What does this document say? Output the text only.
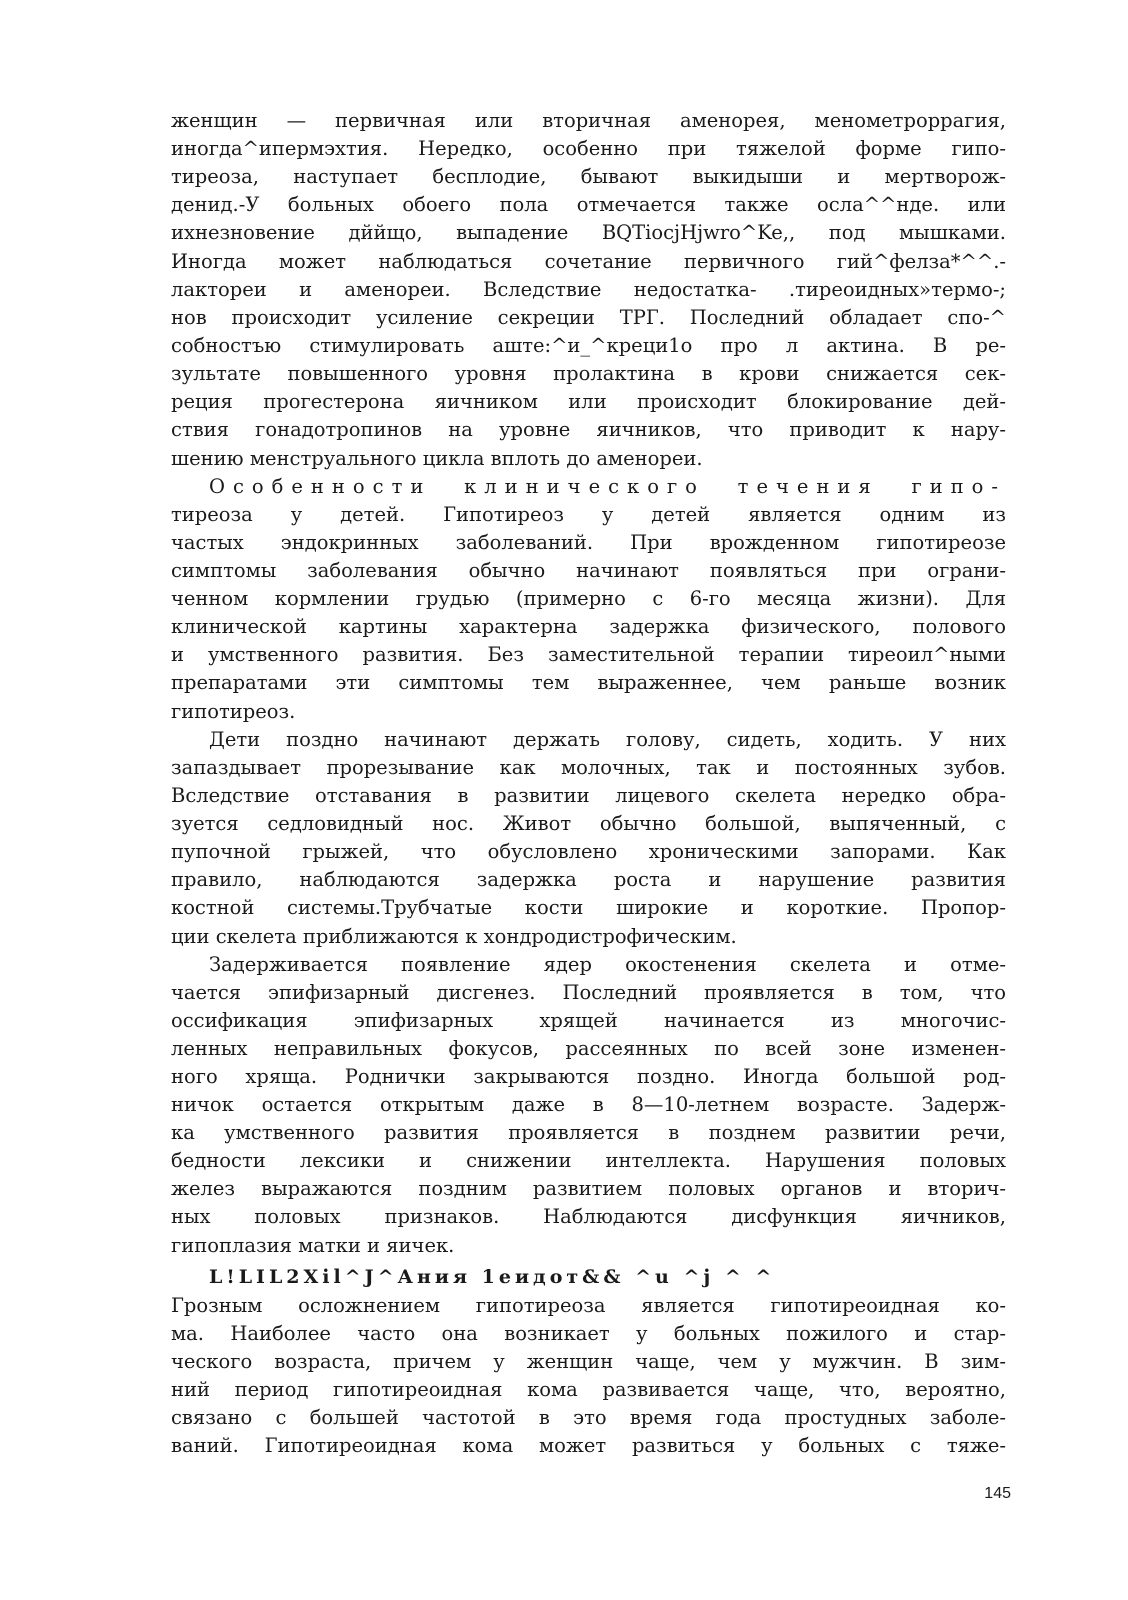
женщин — первичная или вторичная аменорея, менометроррагия,
иногда^ипермэхтия. Нередко, особенно при тяжелой форме гипо-
тиреоза, наступает бесплодие, бывают выкидыши и мертворож-
денид.-У больных обоего пола отмечается также осла^^нде. или
ихнезновение дййщо, выпадение BQTiocjHjwro^Ke,, под мышками.
Иногда может наблюдаться сочетание первичного гий^фелза*^^.-
лактореи и аменореи. Вследствие недостатка- .тиреоидных»термо-;
нов происходит усиление секреции ТРГ. Последний обладает спо-^
собностъю стимулировать аште:^и_^креци1о про л актина. В ре-
зультате повышенного уровня пролактина в крови снижается сек-
реция прогестерона яичником или происходит блокирование дей-
ствия гонадотропинов на уровне яичников, что приводит к нару-
шению менструального цикла вплоть до аменореи.
Особенности клинического течения гипо-
тиреоза у детей. Гипотиреоз у детей является одним из
частых эндокринных заболеваний. При врожденном гипотиреозе
симптомы заболевания обычно начинают появляться при ограни-
ченном кормлении грудью (примерно с 6-го месяца жизни). Для
клинической картины характерна задержка физического, полового
и умственного развития. Без заместительной терапии тиреоил^ными
препаратами эти симптомы тем выраженнее, чем раньше возник
гипотиреоз.
Дети поздно начинают держать голову, сидеть, ходить. У них
запаздывает прорезывание как молочных, так и постоянных зубов.
Вследствие отставания в развитии лицевого скелета нередко обра-
зуется седловидный нос. Живот обычно большой, выпяченный, с
пупочной грыжей, что обусловлено хроническими запорами. Как
правило, наблюдаются задержка роста и нарушение развития
костной системы.Трубчатые кости широкие и короткие. Пропор-
ции скелета приближаются к хондродистрофическим.
Задерживается появление ядер окостенения скелета и отме-
чается эпифизарный дисгенез. Последний проявляется в том, что
оссификация эпифизарных хрящей начинается из многочис-
ленных неправильных фокусов, рассеянных по всей зоне изменен-
ного хряща. Роднички закрываются поздно. Иногда большой род-
ничок остается открытым даже в 8—10-летнем возрасте. Задерж-
ка умственного развития проявляется в позднем развитии речи,
бедности лексики и снижении интеллекта. Нарушения половых
желез выражаются поздним развитием половых органов и вторич-
ных половых признаков. Наблюдаются дисфункция яичников,
гипоплазия матки и яичек.
L!LIL2Xil^J^Ания 1еидот&& ^u ^j ^ ^
Грозным осложнением гипотиреоза является гипотиреоидная ко-
ма. Наиболее часто она возникает у больных пожилого и стар-
ческого возраста, причем у женщин чаще, чем у мужчин. В зим-
ний период гипотиреоидная кома развивается чаще, что, вероятно,
связано с большей частотой в это время года простудных заболе-
ваний. Гипотиреоидная кома может развиться у больных с тяже-
145
